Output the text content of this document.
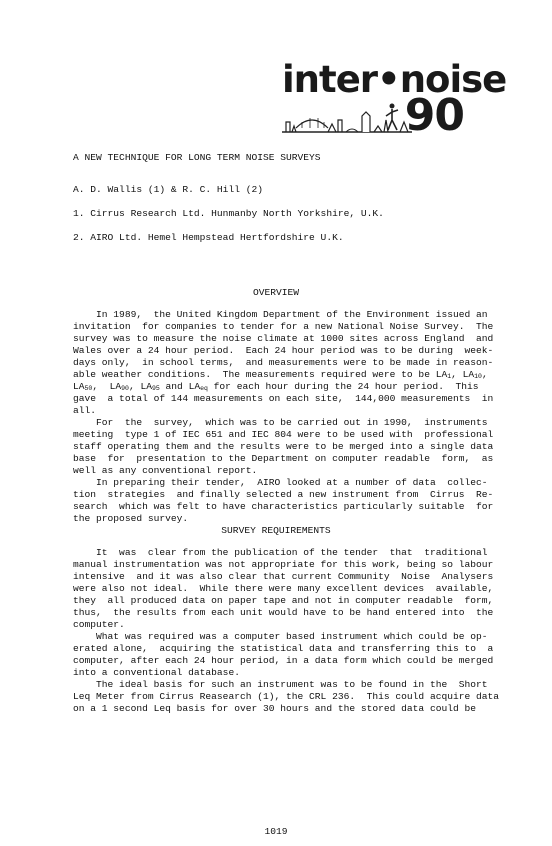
inter•noise
90
A NEW TECHNIQUE FOR LONG TERM NOISE SURVEYS
A. D. Wallis (1) & R. C. Hill (2)
1. Cirrus Research Ltd. Hunmanby North Yorkshire, U.K.
2. AIRO Ltd. Hemel Hempstead Hertfordshire U.K.
OVERVIEW
In 1989,  the United Kingdom Department of the Environment issued an
invitation  for companies to tender for a new National Noise Survey.  The
survey was to measure the noise climate at 1000 sites across England  and
Wales over a 24 hour period.  Each 24 hour period was to be during  week-
days only,  in school terms,  and measurements were to be made in reason-
able weather conditions.  The measurements required were to be LA1, LA10,
LA50,  LA90, LA95 and LAeq for each hour during the 24 hour period.  This
gave  a total of 144 measurements on each site,  144,000 measurements  in
all.
For  the  survey,  which was to be carried out in 1990,  instruments
meeting  type 1 of IEC 651 and IEC 804 were to be used with  professional
staff operating them and the results were to be merged into a single data
base  for  presentation to the Department on computer readable  form,  as
well as any conventional report.
In preparing their tender,  AIRO looked at a number of data  collec-
tion  strategies  and finally selected a new instrument from  Cirrus  Re-
search  which was felt to have characteristics particularly suitable  for
the proposed survey.
SURVEY REQUIREMENTS
It  was  clear from the publication of the tender  that  traditional
manual instrumentation was not appropriate for this work, being so labour
intensive  and it was also clear that current Community  Noise  Analysers
were also not ideal.  While there were many excellent devices  available,
they  all produced data on paper tape and not in computer readable  form,
thus,  the results from each unit would have to be hand entered into  the
computer.
What was required was a computer based instrument which could be op-
erated alone,  acquiring the statistical data and transferring this to  a
computer, after each 24 hour period, in a data form which could be merged
into a conventional database.
The ideal basis for such an instrument was to be found in the  Short
Leq Meter from Cirrus Reasearch (1), the CRL 236.  This could acquire data
on a 1 second Leq basis for over 30 hours and the stored data could be
1019
